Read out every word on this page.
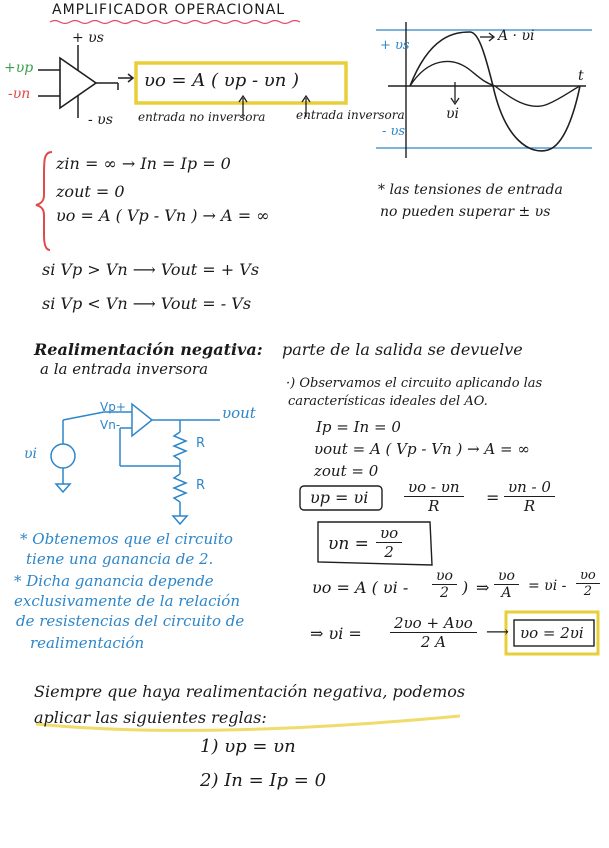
AMPLIFICADOR OPERACIONAL
+ υs
- υs
+υp
-υn
υo = A ( υp - υn )
entrada no inversora	entrada inversora
+ υs
- υs
A · υi
t
υi
zin = ∞ → In = Ip = 0
zout = 0
υo = A ( Vp - Vn ) → A = ∞
* las tensiones de entrada
no pueden superar ± υs
si Vp > Vn ⟶ Vout = + Vs
si Vp < Vn ⟶ Vout = - Vs
Realimentación negativa: parte de la salida se devuelve
a la entrada inversora
Vp+
Vn-
υout
υi
R
R
·) Observamos el circuito aplicando las
características ideales del AO.
Ip = In = 0
υout = A ( Vp - Vn ) → A = ∞
zout = 0
υp = υi $\frac{\upsilon o - \upsilon n}{R} = \frac{\upsilon n - 0}{R}$
$\upsilon n = \frac{\upsilon o}{2}$
υo = A ( υi - $\frac{\upsilon o}{2}$ ) ⇒ $\frac{\upsilon o}{A} = \upsilon i - \frac{\upsilon o}{2}$
⇒ υi =
2υo + Aυo
2 A
⟶ υo = 2υi
* Obtenemos que el circuito
tiene una ganancia de 2.
* Dicha ganancia depende
exclusivamente de la relación
de resistencias del circuito de
realimentación
Siempre que haya realimentación negativa, podemos
aplicar las siguientes reglas:
1) υp = υn
2) In = Ip = 0
